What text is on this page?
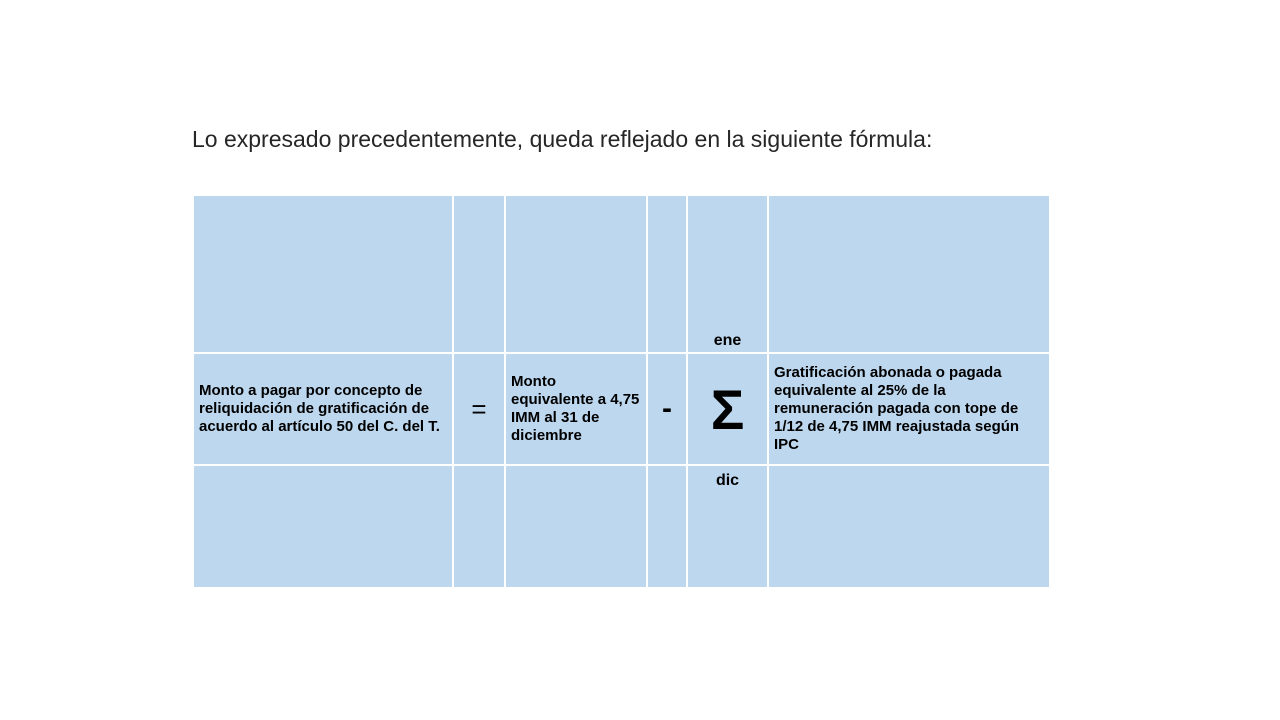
Lo expresado precedentemente, queda reflejado en la siguiente fórmula:
				ene	
Monto a pagar por concepto de reliquidación de gratificación de acuerdo al artículo 50 del C. del T.	=	Monto equivalente a 4,75 IMM al 31 de diciembre	-	Σ	Gratificación abonada o pagada equivalente al 25% de la remuneración pagada con tope de 1/12 de 4,75 IMM reajustada según IPC
				dic	
